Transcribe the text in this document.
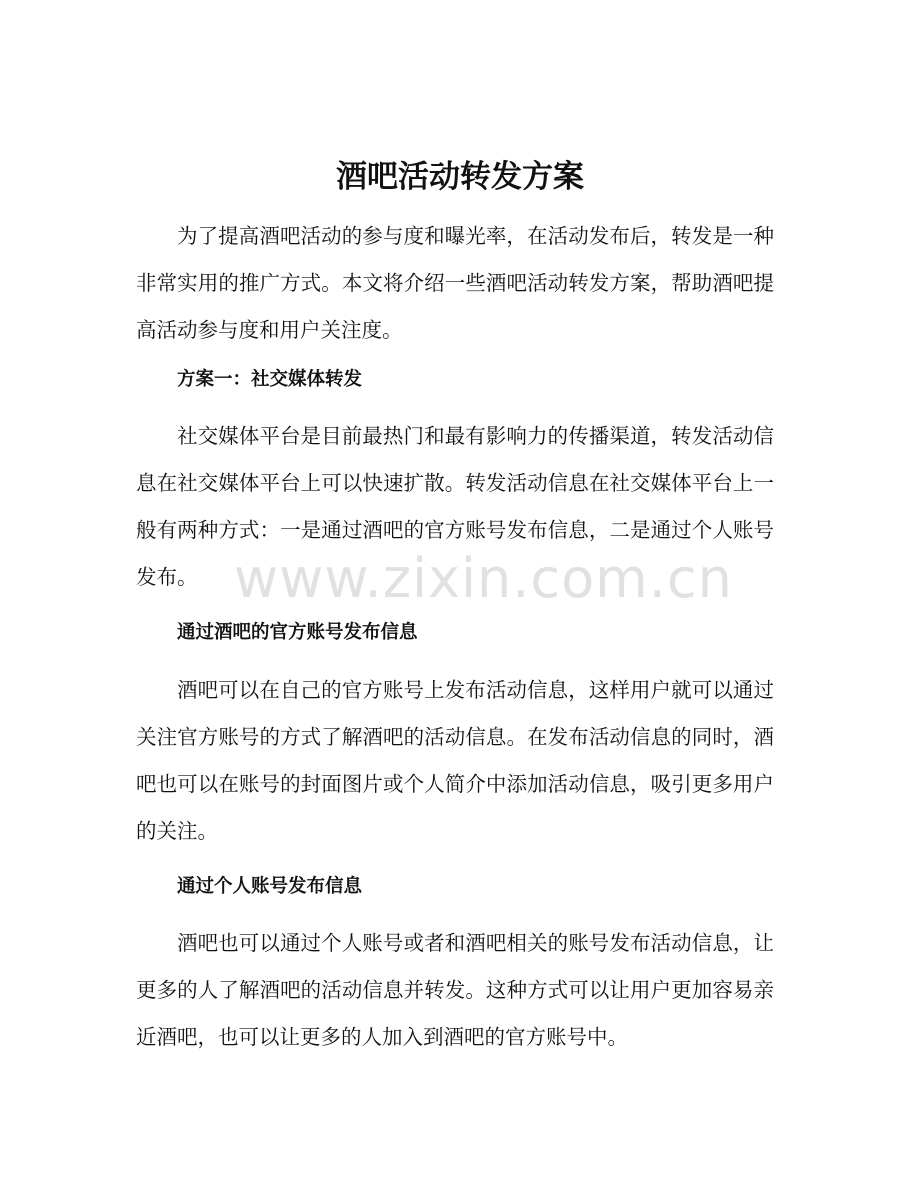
酒吧活动转发方案

为了提高酒吧活动的参与度和曝光率，在活动发布后，转发是一种非常实用的推广方式。本文将介绍一些酒吧活动转发方案，帮助酒吧提高活动参与度和用户关注度。

方案一：社交媒体转发

社交媒体平台是目前最热门和最有影响力的传播渠道，转发活动信息在社交媒体平台上可以快速扩散。转发活动信息在社交媒体平台上一般有两种方式：一是通过酒吧的官方账号发布信息，二是通过个人账号发布。

通过酒吧的官方账号发布信息

酒吧可以在自己的官方账号上发布活动信息，这样用户就可以通过关注官方账号的方式了解酒吧的活动信息。在发布活动信息的同时，酒吧也可以在账号的封面图片或个人简介中添加活动信息，吸引更多用户的关注。

通过个人账号发布信息

酒吧也可以通过个人账号或者和酒吧相关的账号发布活动信息，让更多的人了解酒吧的活动信息并转发。这种方式可以让用户更加容易亲近酒吧，也可以让更多的人加入到酒吧的官方账号中。

www.zixin.com.cn
